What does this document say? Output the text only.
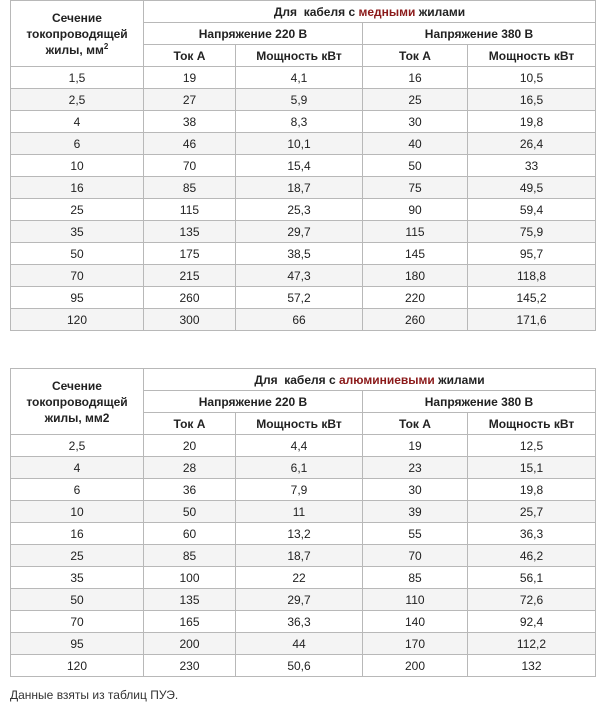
Сечение
токопроводящей
жилы, $мм^2$	Для  кабеля с медными жилами			
	Напряжение 220 В		Напряжение 380 В	
	Ток А	Мощность кВт	Ток А	Мощность кВт
1,5	19	4,1	16	10,5
2,5	27	5,9	25	16,5
4	38	8,3	30	19,8
6	46	10,1	40	26,4
10	70	15,4	50	33
16	85	18,7	75	49,5
25	115	25,3	90	59,4
35	135	29,7	115	75,9
50	175	38,5	145	95,7
70	215	47,3	180	118,8
95	260	57,2	220	145,2
120	300	66	260	171,6
Сечение
токопроводящей
жилы, мм2	Для  кабеля с алюминиевыми жилами			
	Напряжение 220 В		Напряжение 380 В	
	Ток А	Мощность кВт	Ток А	Мощность кВт
2,5	20	4,4	19	12,5
4	28	6,1	23	15,1
6	36	7,9	30	19,8
10	50	11	39	25,7
16	60	13,2	55	36,3
25	85	18,7	70	46,2
35	100	22	85	56,1
50	135	29,7	110	72,6
70	165	36,3	140	92,4
95	200	44	170	112,2
120	230	50,6	200	132
Данные взяты из таблиц ПУЭ.
